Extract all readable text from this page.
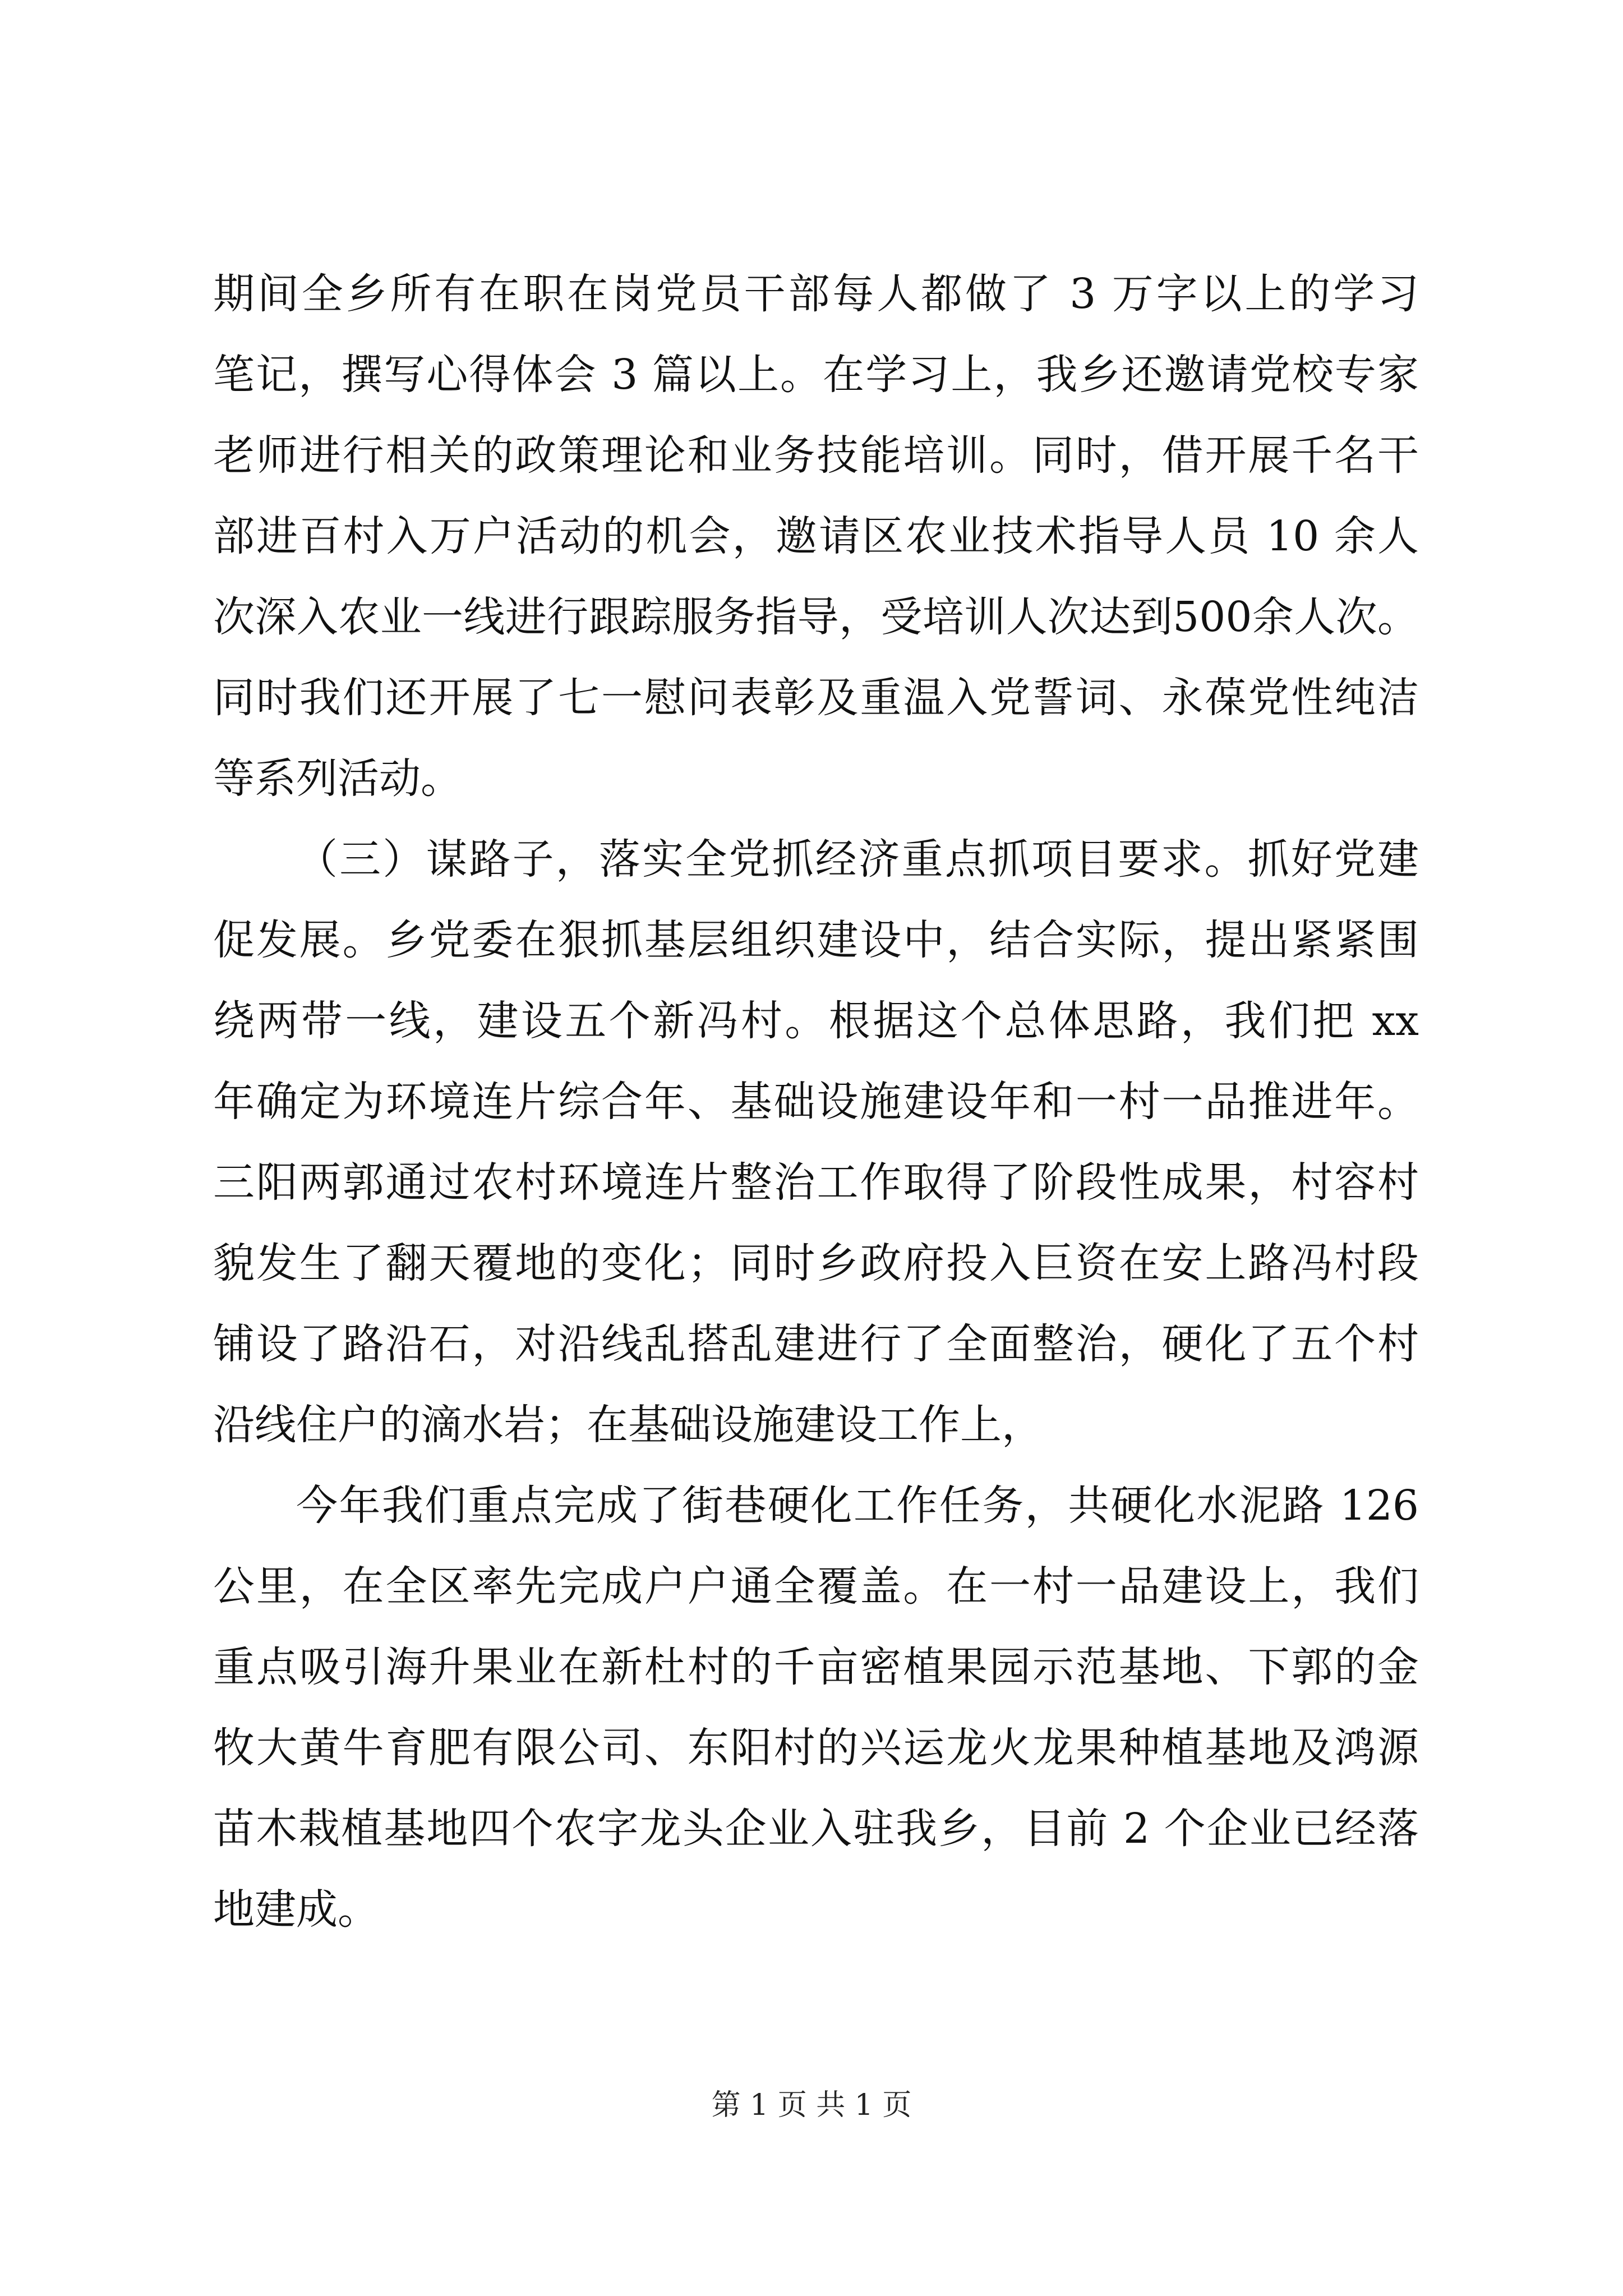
期间全乡所有在职在岗党员干部每人都做了 3 万字以上的学习
笔记，撰写心得体会 3 篇以上。在学习上，我乡还邀请党校专家
老师进行相关的政策理论和业务技能培训。同时，借开展千名干
部进百村入万户活动的机会，邀请区农业技术指导人员 10 余人
次深入农业一线进行跟踪服务指导，受培训人次达到500余人次。
同时我们还开展了七一慰问表彰及重温入党誓词、永葆党性纯洁
等系列活动。
（三）谋路子，落实全党抓经济重点抓项目要求。抓好党建
促发展。乡党委在狠抓基层组织建设中，结合实际，提出紧紧围
绕两带一线，建设五个新冯村。根据这个总体思路，我们把 xx
年确定为环境连片综合年、基础设施建设年和一村一品推进年。
三阳两郭通过农村环境连片整治工作取得了阶段性成果，村容村
貌发生了翻天覆地的变化；同时乡政府投入巨资在安上路冯村段
铺设了路沿石，对沿线乱搭乱建进行了全面整治，硬化了五个村
沿线住户的滴水岩；在基础设施建设工作上，
今年我们重点完成了街巷硬化工作任务，共硬化水泥路 126
公里，在全区率先完成户户通全覆盖。在一村一品建设上，我们
重点吸引海升果业在新杜村的千亩密植果园示范基地、下郭的金
牧大黄牛育肥有限公司、东阳村的兴运龙火龙果种植基地及鸿源
苗木栽植基地四个农字龙头企业入驻我乡，目前 2 个企业已经落
地建成。
第 1 页 共 1 页
